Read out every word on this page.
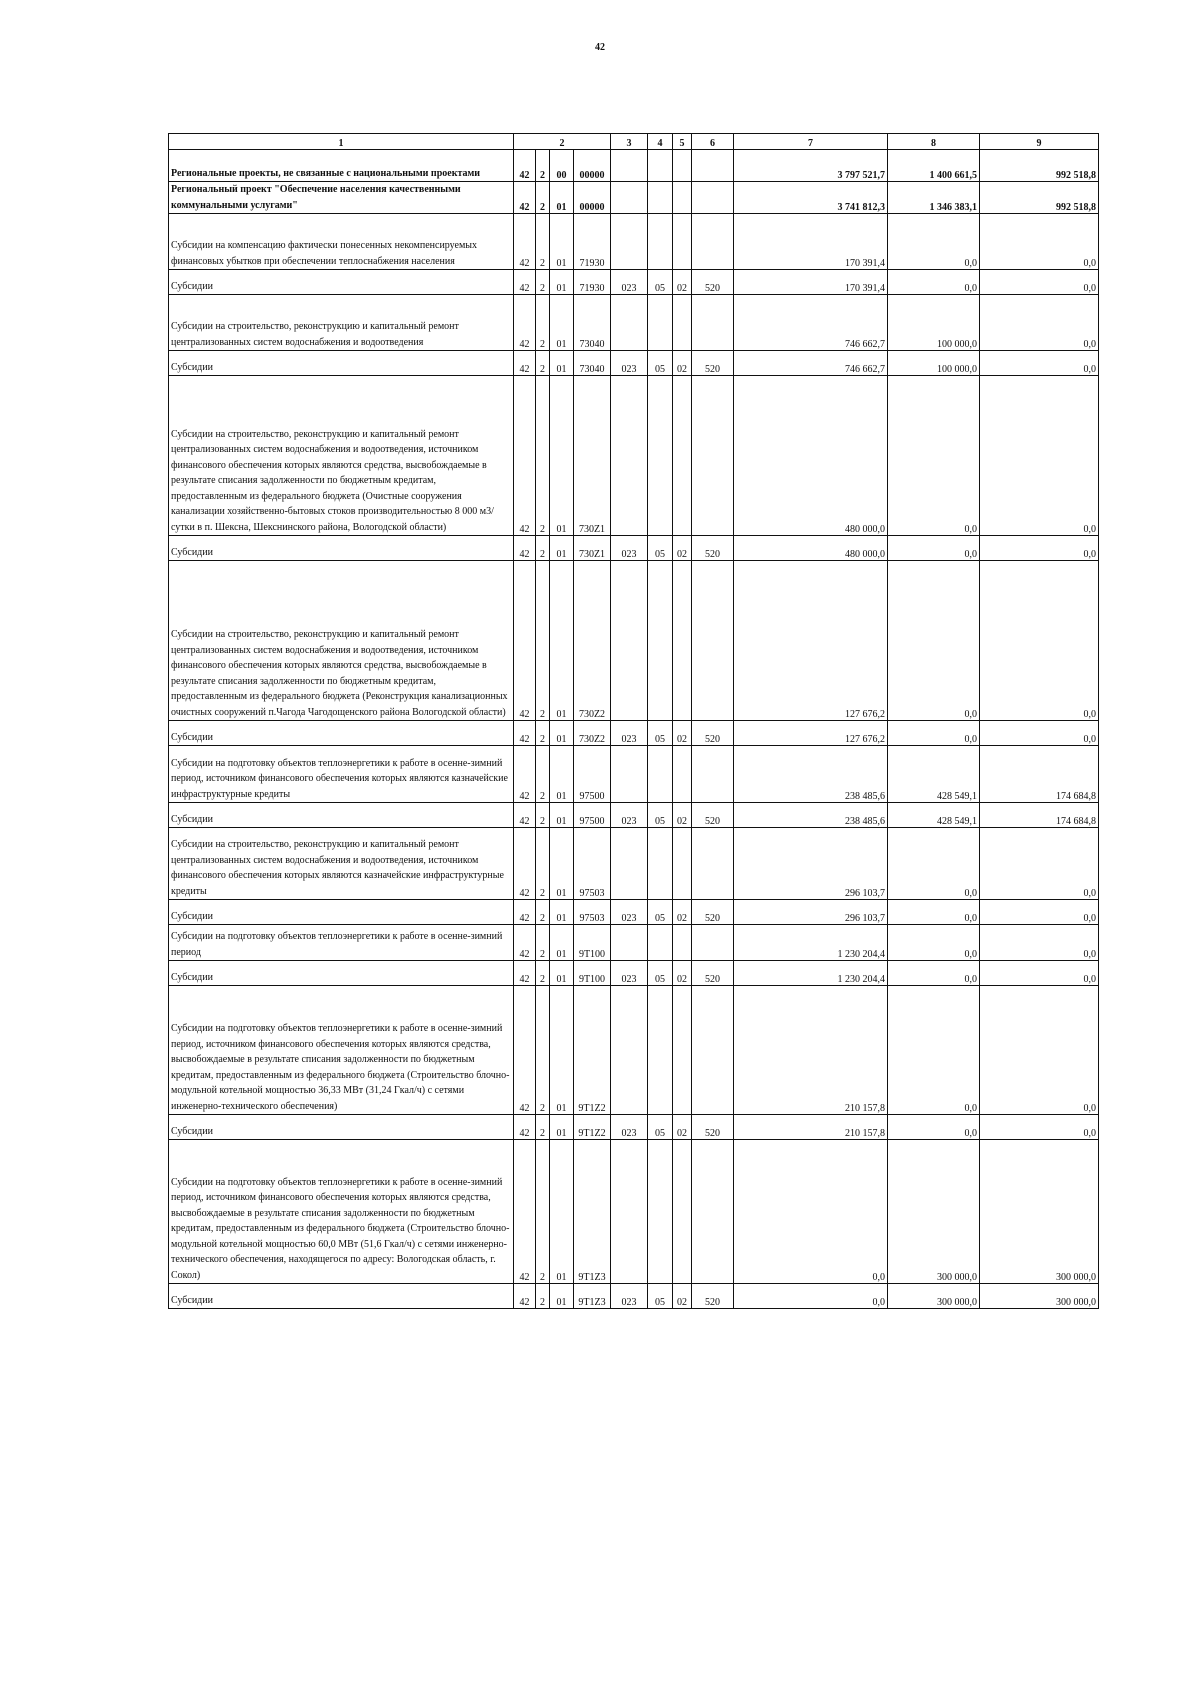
42
1	2				3	4	5	6	7	8	9
Региональные проекты, не связанные с национальными проектами	42	2	00	00000					3 797 521,7	1 400 661,5	992 518,8
Региональный проект "Обеспечение населения качественными коммунальными услугами"	42	2	01	00000					3 741 812,3	1 346 383,1	992 518,8
Субсидии на компенсацию фактически понесенных некомпенсируемых финансовых убытков при обеспечении теплоснабжения населения	42	2	01	71930					170 391,4	0,0	0,0
Субсидии	42	2	01	71930	023	05	02	520	170 391,4	0,0	0,0
Субсидии на строительство, реконструкцию и капитальный ремонт централизованных систем водоснабжения и водоотведения	42	2	01	73040					746 662,7	100 000,0	0,0
Субсидии	42	2	01	73040	023	05	02	520	746 662,7	100 000,0	0,0
Субсидии на строительство, реконструкцию и капитальный ремонт централизованных систем водоснабжения и водоотведения, источником финансового обеспечения которых являются средства, высвобождаемые в результате списания задолженности по бюджетным кредитам, предоставленным из федерального бюджета (Очистные сооружения канализации хозяйственно-бытовых стоков производительностью 8 000 м3/сутки в п. Шексна, Шекснинского района, Вологодской области)	42	2	01	730Z1					480 000,0	0,0	0,0
Субсидии	42	2	01	730Z1	023	05	02	520	480 000,0	0,0	0,0
Субсидии на строительство, реконструкцию и капитальный ремонт централизованных систем водоснабжения и водоотведения, источником финансового обеспечения которых являются средства, высвобождаемые в результате списания задолженности по бюджетным кредитам, предоставленным из федерального бюджета (Реконструкция канализационных очистных сооружений п.Чагода Чагодощенского района Вологодской области)	42	2	01	730Z2					127 676,2	0,0	0,0
Субсидии	42	2	01	730Z2	023	05	02	520	127 676,2	0,0	0,0
Субсидии на подготовку объектов теплоэнергетики к работе в осенне-зимний период, источником финансового обеспечения которых являются казначейские инфраструктурные кредиты	42	2	01	97500					238 485,6	428 549,1	174 684,8
Субсидии	42	2	01	97500	023	05	02	520	238 485,6	428 549,1	174 684,8
Субсидии на строительство, реконструкцию и капитальный ремонт централизованных систем водоснабжения и водоотведения, источником финансового обеспечения которых являются казначейские инфраструктурные кредиты	42	2	01	97503					296 103,7	0,0	0,0
Субсидии	42	2	01	97503	023	05	02	520	296 103,7	0,0	0,0
Субсидии на подготовку объектов теплоэнергетики к работе в осенне-зимний период	42	2	01	9T100					1 230 204,4	0,0	0,0
Субсидии	42	2	01	9T100	023	05	02	520	1 230 204,4	0,0	0,0
Субсидии на подготовку объектов теплоэнергетики к работе в осенне-зимний период, источником финансового обеспечения которых являются средства, высвобождаемые в результате списания задолженности по бюджетным кредитам, предоставленным из федерального бюджета (Строительство блочно-модульной котельной мощностью 36,33 МВт (31,24 Гкал/ч) с сетями инженерно-технического обеспечения)	42	2	01	9T1Z2					210 157,8	0,0	0,0
Субсидии	42	2	01	9T1Z2	023	05	02	520	210 157,8	0,0	0,0
Субсидии на подготовку объектов теплоэнергетики к работе в осенне-зимний период, источником финансового обеспечения которых являются средства, высвобождаемые в результате списания задолженности по бюджетным кредитам, предоставленным из федерального бюджета (Строительство блочно-модульной котельной мощностью 60,0 МВт (51,6 Гкал/ч) с сетями инженерно-технического обеспечения, находящегося по адресу: Вологодская область, г. Сокол)	42	2	01	9T1Z3					0,0	300 000,0	300 000,0
Субсидии	42	2	01	9T1Z3	023	05	02	520	0,0	300 000,0	300 000,0
